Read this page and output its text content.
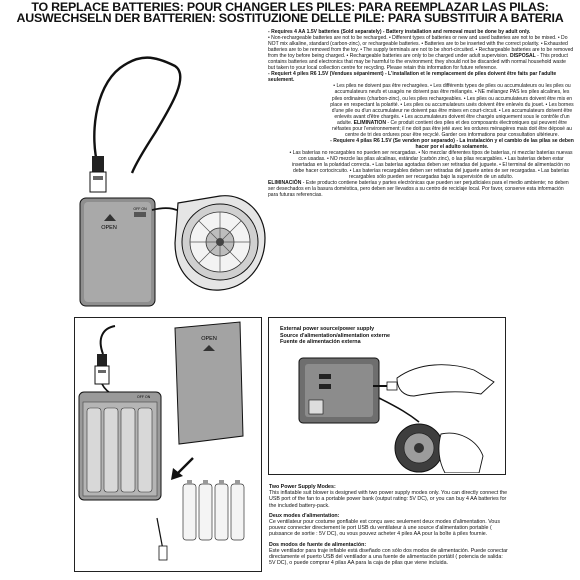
TO REPLACE BATTERIES: POUR CHANGER LES PILES: PARA REEMPLAZAR LAS PILAS:
AUSWECHSELN DER BATTERIEN: SOSTITUZIONE DELLE PILE: PARA SUBSTITUIR A BATERIA
OPEN
OFF ON

- Requires 4 AA 1.5V batteries (Sold separately) - Battery installation and removal must be done by adult only.

• Non-rechargeable batteries are not to be recharged. • Different types of batteries or new and used batteries are not to be mixed. • Do NOT mix alkaline, standard (carbon-zinc), or rechargeable batteries. • Batteries are to be inserted with the correct polarity. • Exhausted batteries are to be removed from the toy. • The supply terminals are not to be short-circuited. • Rechargeable batteries are to be removed from the toy before being charged. • Rechargeable batteries are only to be charged under adult supervision. DISPOSAL - This product contains batteries and electronics that may be harmful to the environment; they should not be discarded with normal household waste but taken to your local collection centre for recycling. Please retain this information for future reference.

- Requiert 4 piles R6 1.5V (Vendues séparément) - L'installation et le remplacement de piles doivent être faits par l'adulte seulement.

• Les piles ne doivent pas être rechargées. • Les différents types de piles ou accumulateurs ou les piles ou accumulateurs neufs et usagés ne doivent pas être mélangés. • NE mélangez PAS les piles alcalines, les piles ordinaires (charbon-zinc), ou les piles rechargeables. • Les piles ou accumulateurs doivent être mis en place en respectant la polarité. • Les piles ou accumulateurs usés doivent être enlevés du jouet. • Les bornes d'une pile ou d'un accumulateur ne doivent pas être mises en court-circuit. • Les accumulateurs doivent être enlevés avant d'être chargés. • Les accumulateurs doivent être chargés uniquement sous le contrôle d'un adulte. ELIMINATION - Ce produit contient des piles et des composants électroniques qui peuvent être néfastes pour l'environnement; il ne doit pas être jeté avec les ordures ménagères mais doit être déposé au centre de tri des ordures pour être recyclé. Garder ces informations pour consultation ultérieure.

- Requiere 4 pilas R6 1.5V (Se venden por separado) - La instalación y el cambio de las pilas se deben hacer por el adulto solamente.

• Las baterías no recargables no pueden ser recargadas. • No mezclar diferentes tipos de baterías, ni mezclar baterías nuevas con usadas. • NO mezcle las pilas alcalinas, estándar (carbón zinc), o las pilas recargables. • Las baterías deben estar insertadas en la polaridad correcta. • Las baterías agotadas deben ser retiradas del juguete. • El terminal de alimentación no debe hacer cortocircuito. • Las baterías recargables deben ser retiradas del juguete antes de ser recargadas. • Las baterías recargables sólo pueden ser recargadas bajo la supervisión de un adulto.

ELIMINACIÓN - Este producto contiene baterías y partes electrónicas que pueden ser perjudiciales para el medio ambiente; no deben ser desechados en la basura doméstica, pero deben ser llevados a su centro de reciclaje local. Por favor, conserve esta información para futuras referencias.

OFF ON
OPEN
External power source/power supply
Source d'alimentation/alimentation externe
Fuente de alimentación externa

Two Power Supply Modes:

This inflatable suit blower is designed with two power supply modes only. You can directly connect the USB port of the fan to a portable power bank (output rating: 5V DC), or you can buy 4 AA batteries for the included battery-pack.

Deux modes d'alimentation:

Ce ventilateur pour costume gonflable est conçu avec seulement deux modes d'alimentation. Vous pouvez connecter directement le port USB du ventilateur à une source d'alimentation portable ( puissance de sortie : 5V DC), ou vous pouvez acheter 4 piles AA pour la boîte à piles fournie.

Dos modos de fuente de alimentación:

Este ventilador para traje inflable está diseñado con sólo dos modos de alimentación. Puede conectar directamente el puerto USB del ventilador a una fuente de alimentación portátil ( potencia de salida: 5V DC), o puede comprar 4 pilas AA para la caja de pilas que viene incluida.
